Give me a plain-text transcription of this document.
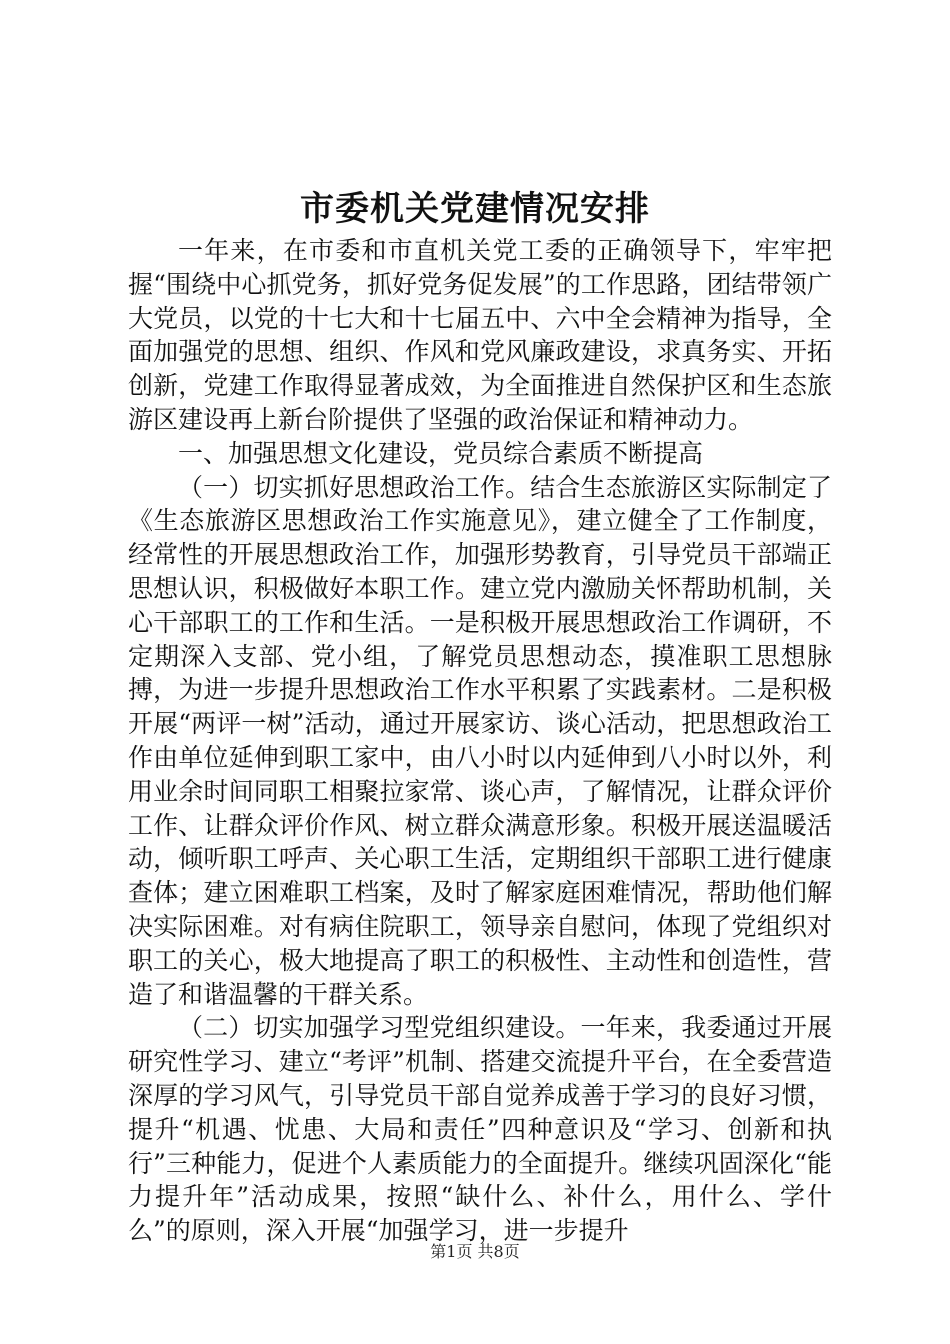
市委机关党建情况安排

一年来，在市委和市直机关党工委的正确领导下，牢牢把握“围绕中心抓党务，抓好党务促发展”的工作思路，团结带领广大党员，以党的十七大和十七届五中、六中全会精神为指导，全面加强党的思想、组织、作风和党风廉政建设，求真务实、开拓创新，党建工作取得显著成效，为全面推进自然保护区和生态旅游区建设再上新台阶提供了坚强的政治保证和精神动力。

一、加强思想文化建设，党员综合素质不断提高

（一）切实抓好思想政治工作。结合生态旅游区实际制定了《生态旅游区思想政治工作实施意见》，建立健全了工作制度，经常性的开展思想政治工作，加强形势教育，引导党员干部端正思想认识，积极做好本职工作。建立党内激励关怀帮助机制，关心干部职工的工作和生活。一是积极开展思想政治工作调研，不定期深入支部、党小组，了解党员思想动态，摸准职工思想脉搏，为进一步提升思想政治工作水平积累了实践素材。二是积极开展“两评一树”活动，通过开展家访、谈心活动，把思想政治工作由单位延伸到职工家中，由八小时以内延伸到八小时以外，利用业余时间同职工相聚拉家常、谈心声，了解情况，让群众评价工作、让群众评价作风、树立群众满意形象。积极开展送温暖活动，倾听职工呼声、关心职工生活，定期组织干部职工进行健康查体；建立困难职工档案，及时了解家庭困难情况，帮助他们解决实际困难。对有病住院职工，领导亲自慰问，体现了党组织对职工的关心，极大地提高了职工的积极性、主动性和创造性，营造了和谐温馨的干群关系。

（二）切实加强学习型党组织建设。一年来，我委通过开展研究性学习、建立“考评”机制、搭建交流提升平台，在全委营造深厚的学习风气，引导党员干部自觉养成善于学习的良好习惯，提升“机遇、忧患、大局和责任”四种意识及“学习、创新和执行”三种能力，促进个人素质能力的全面提升。继续巩固深化“能力提升年”活动成果，按照“缺什么、补什么，用什么、学什么”的原则，深入开展“加强学习，进一步提升

第1页 共8页
